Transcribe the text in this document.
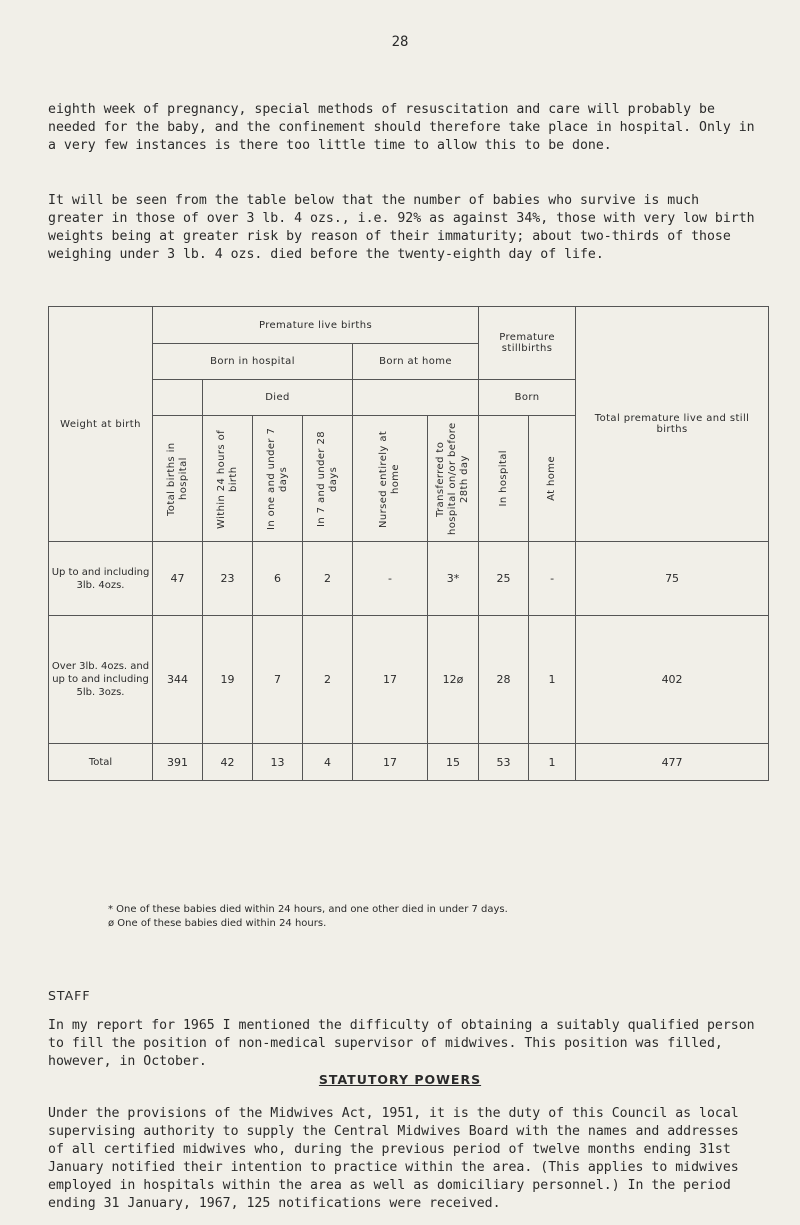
28

eighth week of pregnancy, special methods of resuscitation and care will probably be needed for the baby, and the confinement should therefore take place in hospital. Only in a very few instances is there too little time to allow this to be done.

It will be seen from the table below that the number of babies who survive is much greater in those of over 3 lb. 4 ozs., i.e. 92% as against 34%, those with very low birth weights being at greater risk by reason of their immaturity; about two-thirds of those weighing under 3 lb. 4 ozs. died before the twenty-eighth day of life.

Weight at birth	Premature live births						Premature stillbirths		Total premature live and still births
	Born in hospital				Born at home				
		Died					Born		

	Total births in hospital	Within 24 hours of birth	In one and under 7 days	In 7 and under 28 days	Nursed entirely at home	Transferred to hospital on/or before 28th day	In hospital	At home	

Up to and including 3lb. 4ozs.	47	23	6	2	-	3*	25	-	75
Over 3lb. 4ozs. and up to and including 5lb. 3ozs.	344	19	7	2	17	12ø	28	1	402
Total	391	42	13	4	17	15	53	1	477
* One of these babies died within 24 hours, and one other died in under 7 days.
ø One of these babies died within 24 hours.
STAFF

In my report for 1965 I mentioned the difficulty of obtaining a suitably qualified person to fill the position of non-medical supervisor of midwives. This position was filled, however, in October.

STATUTORY POWERS

Under the provisions of the Midwives Act, 1951, it is the duty of this Council as local supervising authority to supply the Central Midwives Board with the names and addresses of all certified midwives who, during the previous period of twelve months ending 31st January notified their intention to practice within the area. (This applies to midwives employed in hospitals within the area as well as domiciliary personnel.) In the period ending 31 January, 1967, 125 notifications were received.
